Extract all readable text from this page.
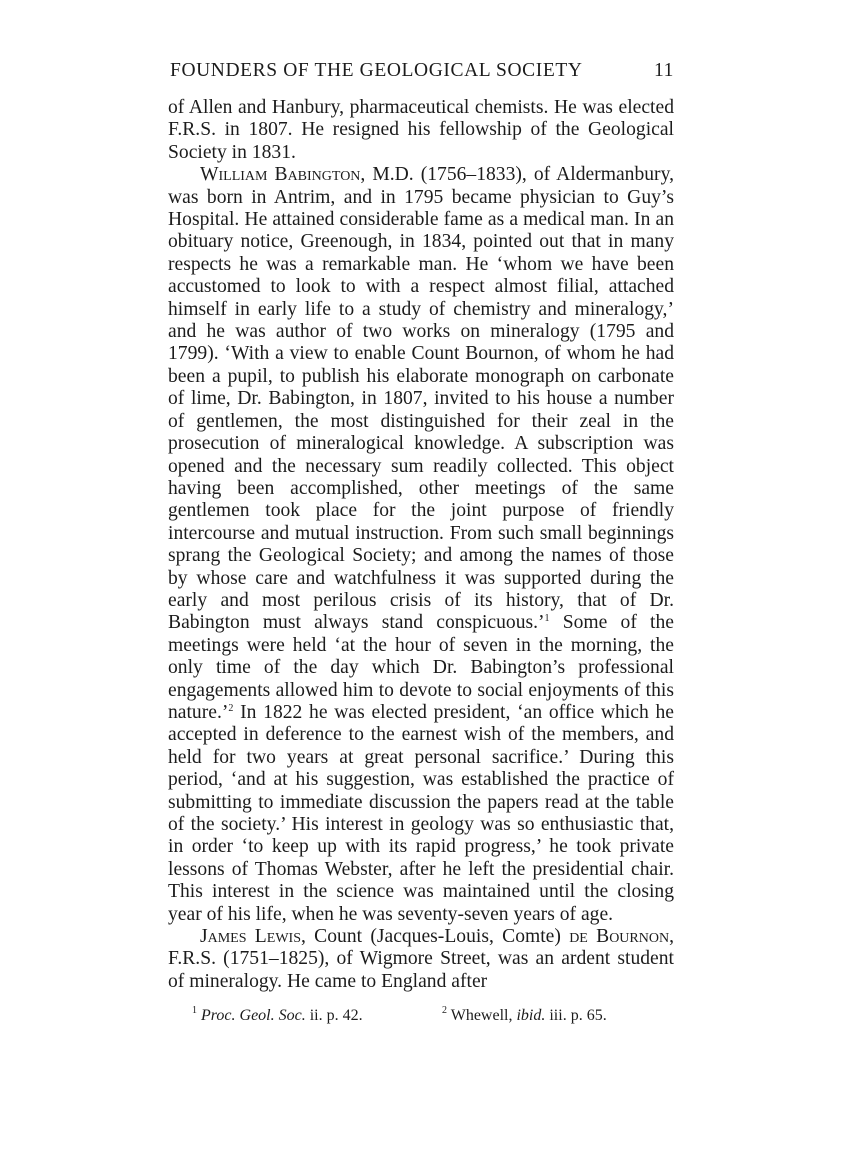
FOUNDERS OF THE GEOLOGICAL SOCIETY	11

of Allen and Hanbury, pharmaceutical chemists. He was elected F.R.S. in 1807. He resigned his fellowship of the Geological Society in 1831.

William Babington, M.D. (1756–1833), of Aldermanbury, was born in Antrim, and in 1795 became physician to Guy’s Hospital. He attained considerable fame as a medical man. In an obituary notice, Greenough, in 1834, pointed out that in many respects he was a remarkable man. He ‘whom we have been accustomed to look to with a respect almost filial, attached himself in early life to a study of chemistry and mineralogy,’ and he was author of two works on mineralogy (1795 and 1799). ‘With a view to enable Count Bournon, of whom he had been a pupil, to publish his elaborate monograph on carbonate of lime, Dr. Babington, in 1807, invited to his house a number of gentlemen, the most distinguished for their zeal in the prosecution of mineralogical knowledge. A subscription was opened and the necessary sum readily collected. This object having been accomplished, other meetings of the same gentlemen took place for the joint purpose of friendly intercourse and mutual instruction. From such small beginnings sprang the Geological Society; and among the names of those by whose care and watchfulness it was supported during the early and most perilous crisis of its history, that of Dr. Babington must always stand conspicuous.’$^1$ Some of the meetings were held ‘at the hour of seven in the morning, the only time of the day which Dr. Babington’s professional engagements allowed him to devote to social enjoyments of this nature.’$^2$ In 1822 he was elected president, ‘an office which he accepted in deference to the earnest wish of the members, and held for two years at great personal sacrifice.’ During this period, ‘and at his suggestion, was established the practice of submitting to immediate discussion the papers read at the table of the society.’ His interest in geology was so enthusiastic that, in order ‘to keep up with its rapid progress,’ he took private lessons of Thomas Webster, after he left the presidential chair. This interest in the science was maintained until the closing year of his life, when he was seventy-seven years of age.

James Lewis, Count (Jacques-Louis, Comte) de Bournon, F.R.S. (1751–1825), of Wigmore Street, was an ardent student of mineralogy. He came to England after

$^1$ Proc. Geol. Soc. ii. p. 42.	$^2$ Whewell, ibid. iii. p. 65.
